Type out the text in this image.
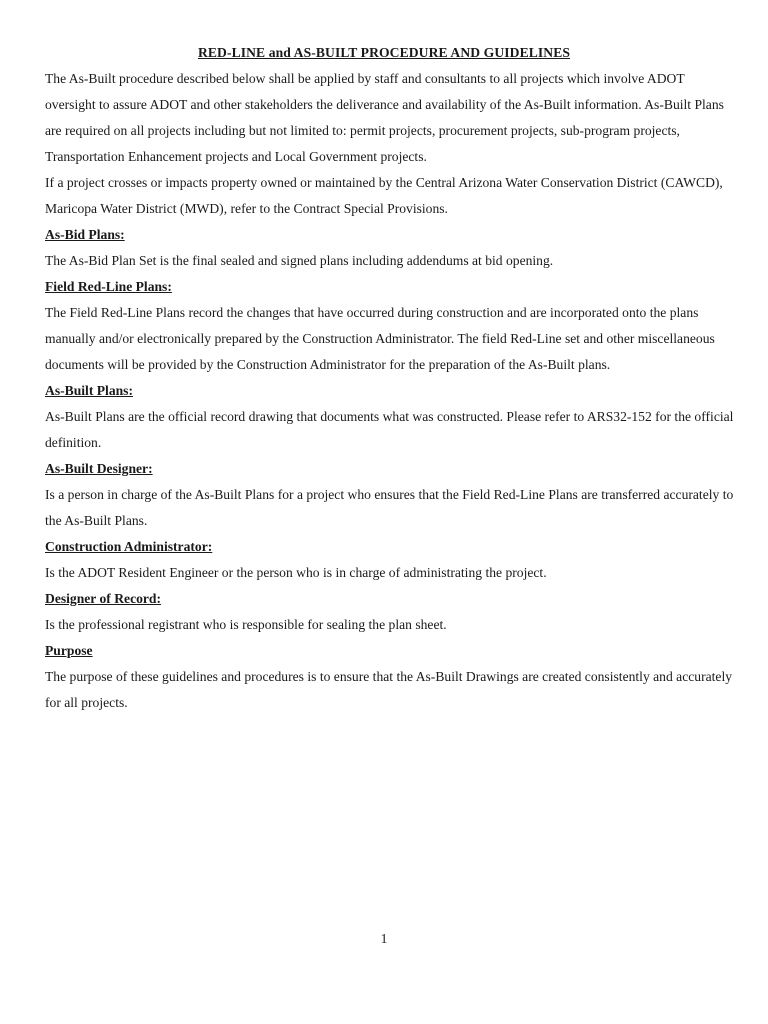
RED-LINE and AS-BUILT PROCEDURE AND GUIDELINES

The As-Built procedure described below shall be applied by staff and consultants to all projects which involve ADOT oversight to assure ADOT and other stakeholders the deliverance and availability of the As-Built information. As-Built Plans are required on all projects including but not limited to: permit projects, procurement projects, sub-program projects, Transportation Enhancement projects and Local Government projects.

If a project crosses or impacts property owned or maintained by the Central Arizona Water Conservation District (CAWCD), Maricopa Water District (MWD), refer to the Contract Special Provisions.

As-Bid Plans:

The As-Bid Plan Set is the final sealed and signed plans including addendums at bid opening.

Field Red-Line Plans:

The Field Red-Line Plans record the changes that have occurred during construction and are incorporated onto the plans manually and/or electronically prepared by the Construction Administrator. The field Red-Line set and other miscellaneous documents will be provided by the Construction Administrator for the preparation of the As-Built plans.

As-Built Plans:

As-Built Plans are the official record drawing that documents what was constructed. Please refer to ARS32-152 for the official definition.

As-Built Designer:

Is a person in charge of the As-Built Plans for a project who ensures that the Field Red-Line Plans are transferred accurately to the As-Built Plans.

Construction Administrator:

Is the ADOT Resident Engineer or the person who is in charge of administrating the project.

Designer of Record:

Is the professional registrant who is responsible for sealing the plan sheet.

Purpose

The purpose of these guidelines and procedures is to ensure that the As-Built Drawings are created consistently and accurately for all projects.

1
